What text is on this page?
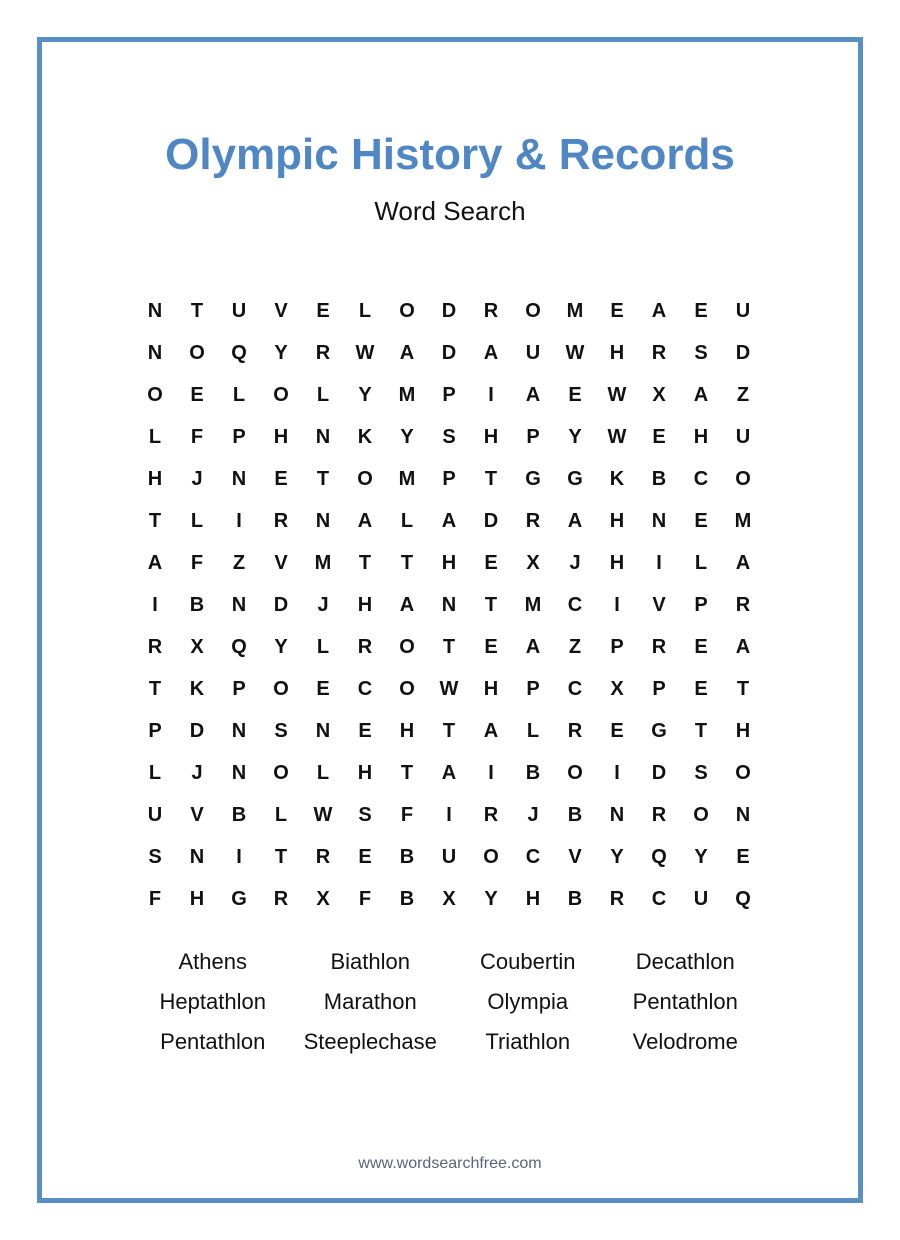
Olympic History & Records
Word Search
N	T	U	V	E	L	O	D	R	O	M	E	A	E	U
N	O	Q	Y	R	W	A	D	A	U	W	H	R	S	D
O	E	L	O	L	Y	M	P	I	A	E	W	X	A	Z
L	F	P	H	N	K	Y	S	H	P	Y	W	E	H	U
H	J	N	E	T	O	M	P	T	G	G	K	B	C	O
T	L	I	R	N	A	L	A	D	R	A	H	N	E	M
A	F	Z	V	M	T	T	H	E	X	J	H	I	L	A
I	B	N	D	J	H	A	N	T	M	C	I	V	P	R
R	X	Q	Y	L	R	O	T	E	A	Z	P	R	E	A
T	K	P	O	E	C	O	W	H	P	C	X	P	E	T
P	D	N	S	N	E	H	T	A	L	R	E	G	T	H
L	J	N	O	L	H	T	A	I	B	O	I	D	S	O
U	V	B	L	W	S	F	I	R	J	B	N	R	O	N
S	N	I	T	R	E	B	U	O	C	V	Y	Q	Y	E
F	H	G	R	X	F	B	X	Y	H	B	R	C	U	Q
Athens	Biathlon	Coubertin	Decathlon
Heptathlon	Marathon	Olympia	Pentathlon
Pentathlon	Steeplechase	Triathlon	Velodrome
www.wordsearchfree.com
